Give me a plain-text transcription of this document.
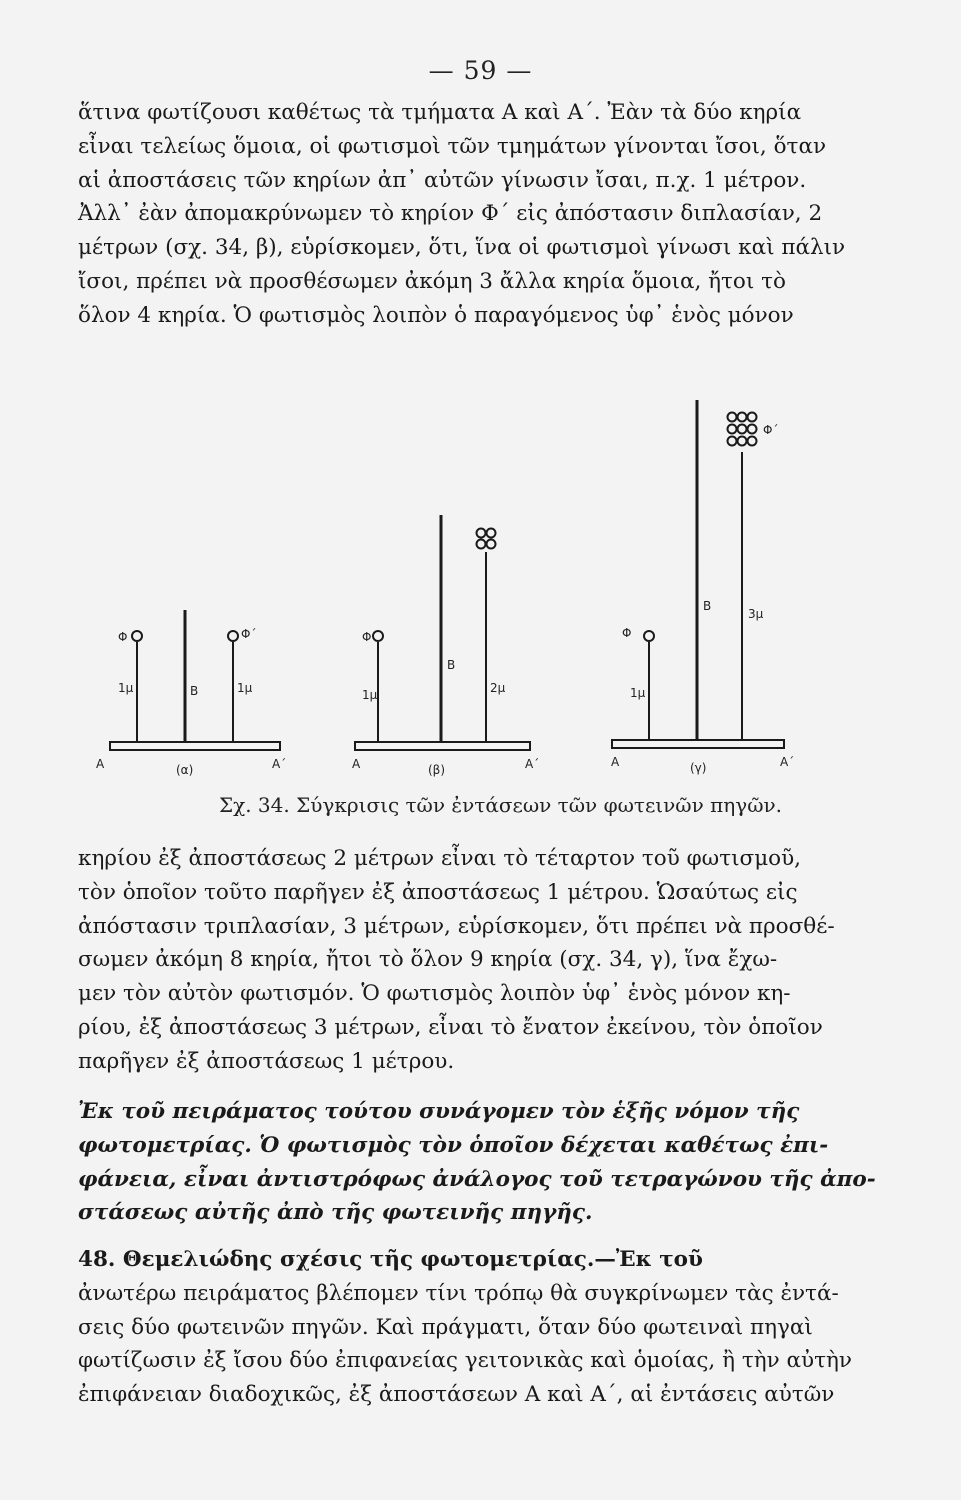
— 59 —
ἅτινα φωτίζουσι καθέτως τὰ τμήματα Α καὶ Α΄. Ἐὰν τὰ δύο κηρία
εἶναι τελείως ὅμοια, οἱ φωτισμοὶ τῶν τμημάτων γίνονται ἴσοι, ὅταν
αἱ ἀποστάσεις τῶν κηρίων ἀπ᾿ αὐτῶν γίνωσιν ἴσαι, π.χ. 1 μέτρον.
Ἀλλ᾿ ἐὰν ἀπομακρύνωμεν τὸ κηρίον Φ΄ εἰς ἀπόστασιν διπλασίαν, 2
μέτρων (σχ. 34, β), εὑρίσκομεν, ὅτι, ἵνα οἱ φωτισμοὶ γίνωσι καὶ πάλιν
ἴσοι, πρέπει νὰ προσθέσωμεν ἀκόμη 3 ἄλλα κηρία ὅμοια, ἤτοι τὸ
ὅλον 4 κηρία. Ὁ φωτισμὸς λοιπὸν ὁ παραγόμενος ὑφ᾿ ἑνὸς μόνον
Φ	Φ΄
Β
1μ	1μ
Α	Α΄
(α)
Φ
Β
1μ	2μ
Α	Α΄
(β)
Φ
Φ΄
Β
1μ
3μ
Α	Α΄
(γ)
Σχ. 34. Σύγκρισις τῶν ἐντάσεων τῶν φωτεινῶν πηγῶν.
κηρίου ἐξ ἀποστάσεως 2 μέτρων εἶναι τὸ τέταρτον τοῦ φωτισμοῦ,
τὸν ὁποῖον τοῦτο παρῆγεν ἐξ ἀποστάσεως 1 μέτρου. Ὡσαύτως εἰς
ἀπόστασιν τριπλασίαν, 3 μέτρων, εὑρίσκομεν, ὅτι πρέπει νὰ προσθέ-
σωμεν ἀκόμη 8 κηρία, ἤτοι τὸ ὅλον 9 κηρία (σχ. 34, γ), ἵνα ἔχω-
μεν τὸν αὐτὸν φωτισμόν. Ὁ φωτισμὸς λοιπὸν ὑφ᾿ ἑνὸς μόνον κη-
ρίου, ἐξ ἀποστάσεως 3 μέτρων, εἶναι τὸ ἔνατον ἐκείνου, τὸν ὁποῖον
παρῆγεν ἐξ ἀποστάσεως 1 μέτρου.
Ἐκ τοῦ πειράματος τούτου συνάγομεν τὸν ἑξῆς νόμον τῆς
φωτομετρίας. Ὁ φωτισμὸς τὸν ὁποῖον δέχεται καθέτως ἐπι-
φάνεια, εἶναι ἀντιστρόφως ἀνάλογος τοῦ τετραγώνου τῆς ἀπο-
στάσεως αὐτῆς ἀπὸ τῆς φωτεινῆς πηγῆς.
48. Θεμελιώδης σχέσις τῆς φωτομετρίας.—Ἐκ τοῦ
ἀνωτέρω πειράματος βλέπομεν τίνι τρόπῳ θὰ συγκρίνωμεν τὰς ἐντά-
σεις δύο φωτεινῶν πηγῶν. Καὶ πράγματι, ὅταν δύο φωτειναὶ πηγαὶ
φωτίζωσιν ἐξ ἴσου δύο ἐπιφανείας γειτονικὰς καὶ ὁμοίας, ἢ τὴν αὐτὴν
ἐπιφάνειαν διαδοχικῶς, ἐξ ἀποστάσεων Α καὶ Α΄, αἱ ἐντάσεις αὐτῶν
